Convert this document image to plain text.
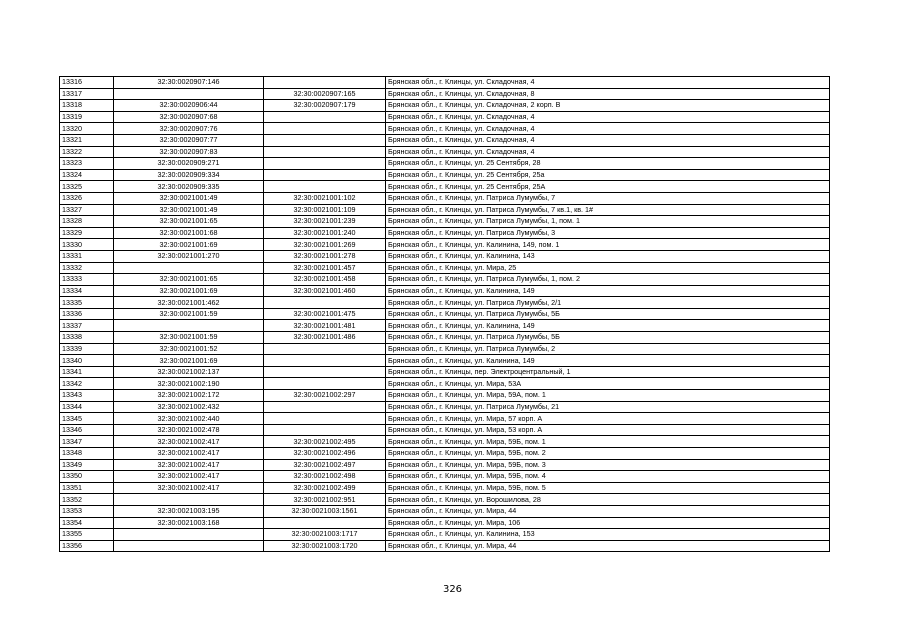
13316	32:30:0020907:146		Брянская обл., г. Клинцы, ул. Складочная, 4
13317		32:30:0020907:165	Брянская обл., г. Клинцы, ул. Складочная, 8
13318	32:30:0020906:44	32:30:0020907:179	Брянская обл., г. Клинцы, ул. Складочная, 2 корп. В
13319	32:30:0020907:68		Брянская обл., г. Клинцы, ул. Складочная, 4
13320	32:30:0020907:76		Брянская обл., г. Клинцы, ул. Складочная, 4
13321	32:30:0020907:77		Брянская обл., г. Клинцы, ул. Складочная, 4
13322	32:30:0020907:83		Брянская обл., г. Клинцы, ул. Складочная, 4
13323	32:30:0020909:271		Брянская обл., г. Клинцы, ул. 25 Сентября, 28
13324	32:30:0020909:334		Брянская обл., г. Клинцы, ул. 25 Сентября, 25а
13325	32:30:0020909:335		Брянская обл., г. Клинцы, ул. 25 Сентября, 25А
13326	32:30:0021001:49	32:30:0021001:102	Брянская обл., г. Клинцы, ул. Патриса Лумумбы, 7
13327	32:30:0021001:49	32:30:0021001:109	Брянская обл., г. Клинцы, ул. Патриса Лумумбы, 7 кв.1, кв. 1#
13328	32:30:0021001:65	32:30:0021001:239	Брянская обл., г. Клинцы, ул. Патриса Лумумбы, 1, пом. 1
13329	32:30:0021001:68	32:30:0021001:240	Брянская обл., г. Клинцы, ул. Патриса Лумумбы, 3
13330	32:30:0021001:69	32:30:0021001:269	Брянская обл., г. Клинцы, ул. Калинина, 149, пом. 1
13331	32:30:0021001:270	32:30:0021001:278	Брянская обл., г. Клинцы, ул. Калинина, 143
13332		32:30:0021001:457	Брянская обл., г. Клинцы, ул. Мира, 25
13333	32:30:0021001:65	32:30:0021001:458	Брянская обл., г. Клинцы, ул. Патриса Лумумбы, 1, пом. 2
13334	32:30:0021001:69	32:30:0021001:460	Брянская обл., г. Клинцы, ул. Калинина, 149
13335	32:30:0021001:462		Брянская обл., г. Клинцы, ул. Патриса Лумумбы, 2/1
13336	32:30:0021001:59	32:30:0021001:475	Брянская обл., г. Клинцы, ул. Патриса Лумумбы, 5Б
13337		32:30:0021001:481	Брянская обл., г. Клинцы, ул. Калинина, 149
13338	32:30:0021001:59	32:30:0021001:486	Брянская обл., г. Клинцы, ул. Патриса Лумумбы, 5Б
13339	32:30:0021001:52		Брянская обл., г. Клинцы, ул. Патриса Лумумбы, 2
13340	32:30:0021001:69		Брянская обл., г. Клинцы, ул. Калинина, 149
13341	32:30:0021002:137		Брянская обл., г. Клинцы, пер. Электроцентральный, 1
13342	32:30:0021002:190		Брянская обл., г. Клинцы, ул. Мира, 53А
13343	32:30:0021002:172	32:30:0021002:297	Брянская обл., г. Клинцы, ул. Мира, 59А, пом. 1
13344	32:30:0021002:432		Брянская обл., г. Клинцы, ул. Патриса Лумумбы, 21
13345	32:30:0021002:440		Брянская обл., г. Клинцы, ул. Мира, 57 корп. А
13346	32:30:0021002:478		Брянская обл., г. Клинцы, ул. Мира, 53 корп. А
13347	32:30:0021002:417	32:30:0021002:495	Брянская обл., г. Клинцы, ул. Мира, 59Б, пом. 1
13348	32:30:0021002:417	32:30:0021002:496	Брянская обл., г. Клинцы, ул. Мира, 59Б, пом. 2
13349	32:30:0021002:417	32:30:0021002:497	Брянская обл., г. Клинцы, ул. Мира, 59Б, пом. 3
13350	32:30:0021002:417	32:30:0021002:498	Брянская обл., г. Клинцы, ул. Мира, 59Б, пом. 4
13351	32:30:0021002:417	32:30:0021002:499	Брянская обл., г. Клинцы, ул. Мира, 59Б, пом. 5
13352		32:30:0021002:951	Брянская обл., г. Клинцы, ул. Ворошилова, 28
13353	32:30:0021003:195	32:30:0021003:1561	Брянская обл., г. Клинцы, ул. Мира, 44
13354	32:30:0021003:168		Брянская обл., г. Клинцы, ул. Мира, 106
13355		32:30:0021003:1717	Брянская обл., г. Клинцы, ул. Калинина, 153
13356		32:30:0021003:1720	Брянская обл., г. Клинцы, ул. Мира, 44
326
